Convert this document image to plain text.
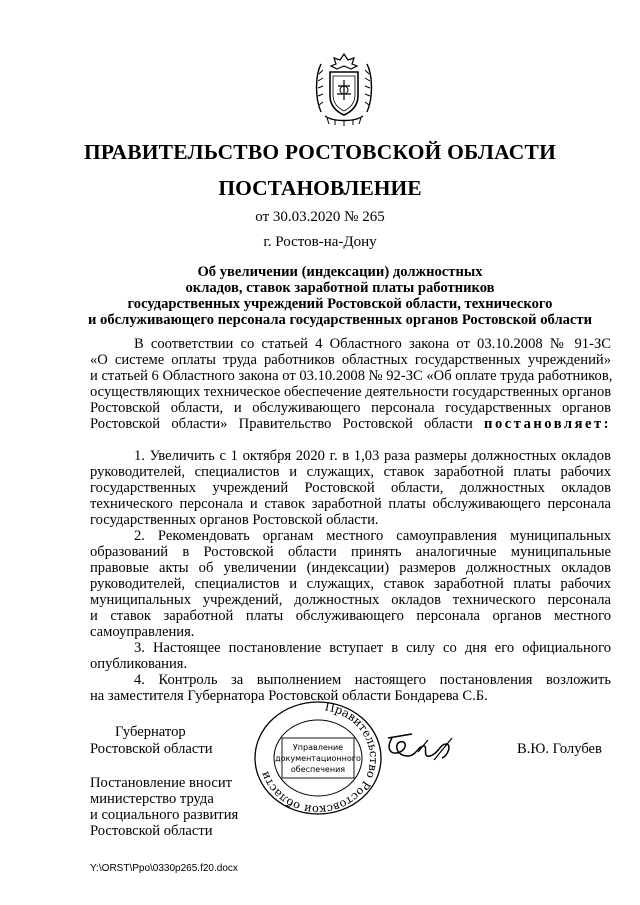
ПРАВИТЕЛЬСТВО РОСТОВСКОЙ ОБЛАСТИ
ПОСТАНОВЛЕНИЕ
от 30.03.2020 № 265
г. Ростов-на-Дону
Об увеличении (индексации) должностных
окладов, ставок заработной платы работников
государственных учреждений Ростовской области, технического
и обслуживающего персонала государственных органов Ростовской области
В соответствии со статьей 4 Областного закона от 03.10.2008 № 91-ЗС
«О системе оплаты труда работников областных государственных учреждений»
и статьей 6 Областного закона от 03.10.2008 № 92-ЗС «Об оплате труда работников,
осуществляющих техническое обеспечение деятельности государственных органов
Ростовской области, и обслуживающего персонала государственных органов
Ростовской области» Правительство Ростовской области постановляет:
1. Увеличить с 1 октября 2020 г. в 1,03 раза размеры должностных окладов
руководителей, специалистов и служащих, ставок заработной платы рабочих
государственных учреждений Ростовской области, должностных окладов
технического персонала и ставок заработной платы обслуживающего персонала
государственных органов Ростовской области.
2. Рекомендовать органам местного самоуправления муниципальных
образований в Ростовской области принять аналогичные муниципальные
правовые акты об увеличении (индексации) размеров должностных окладов
руководителей, специалистов и служащих, ставок заработной платы рабочих
муниципальных учреждений, должностных окладов технического персонала
и ставок заработной платы обслуживающего персонала органов местного
самоуправления.
3. Настоящее постановление вступает в силу со дня его официального
опубликования.
4. Контроль за выполнением настоящего постановления возложить
на заместителя Губернатора Ростовской области Бондарева С.Б.
Губернатор
Ростовской области
Правительство Ростовской области
Управление
документационного
обеспечения
В.Ю. Голубев
Постановление вносит
министерство труда
и социального развития
Ростовской области
Y:\ORST\Ppo\0330p265.f20.docx
